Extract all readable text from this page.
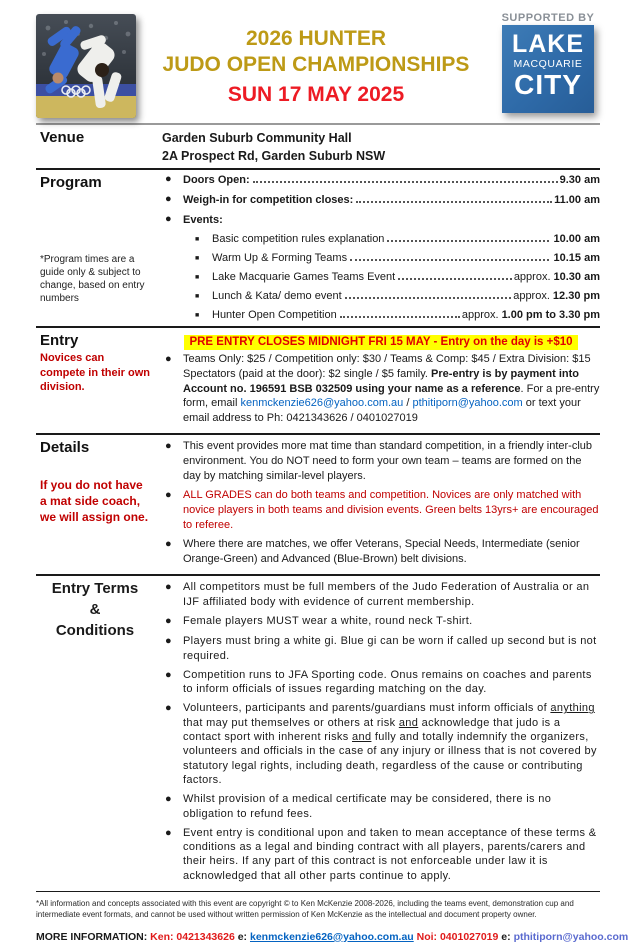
2026 HUNTER
JUDO OPEN CHAMPIONSHIPS
SUN 17 MAY 2025
SUPPORTED BY
LAKE
MACQUARIE
CITY
Venue	Garden Suburb Community Hall
2A Prospect Rd, Garden Suburb NSW
Program
*Program times are a guide only & subject to change, based on entry numbers
● Doors Open:	9.30 am
● Weigh-in for competition closes:	11.00 am
● Events:
■ Basic competition rules explanation	10.00 am
■ Warm Up & Forming Teams	10.15 am
■ Lake Macquarie Games Teams Event	approx. 10.30 am
■ Lunch & Kata/ demo event	approx. 12.30 pm
■ Hunter Open Competition	approx. 1.00 pm to 3.30 pm
Entry
Novices can compete in their own division.
PRE ENTRY CLOSES MIDNIGHT FRI 15 MAY - Entry on the day is +$10
● Teams Only: $25 / Competition only: $30 / Teams & Comp: $45 / Extra Division: $15 Spectators (paid at the door): $2 single / $5 family. Pre-entry is by payment into Account no. 196591 BSB 032509 using your name as a reference. For a pre-entry form, email kenmckenzie626@yahoo.com.au / pthitiporn@yahoo.com or text your email address to Ph: 0421343626 / 0401027019
Details
If you do not have a mat side coach, we will assign one.
● This event provides more mat time than standard competition, in a friendly inter-club environment. You do NOT need to form your own team – teams are formed on the day by matching similar-level players.
● ALL GRADES can do both teams and competition. Novices are only matched with novice players in both teams and division events. Green belts 13yrs+ are encouraged to referee.
● Where there are matches, we offer Veterans, Special Needs, Intermediate (senior Orange-Green) and Advanced (Blue-Brown) belt divisions.
Entry Terms
&
Conditions
● All competitors must be full members of the Judo Federation of Australia or an IJF affiliated body with evidence of current membership.
● Female players MUST wear a white, round neck T-shirt.
● Players must bring a white gi. Blue gi can be worn if called up second but is not required.
● Competition runs to JFA Sporting code. Onus remains on coaches and parents to inform officials of issues regarding matching on the day.
● Volunteers, participants and parents/guardians must inform officials of anything that may put themselves or others at risk and acknowledge that judo is a contact sport with inherent risks and fully and totally indemnify the organizers, volunteers and officials in the case of any injury or illness that is not covered by statutory legal rights, including death, regardless of the cause or contributing factors.
● Whilst provision of a medical certificate may be considered, there is no obligation to refund fees.
● Event entry is conditional upon and taken to mean acceptance of these terms & conditions as a legal and binding contract with all players, parents/carers and their heirs. If any part of this contract is not enforceable under law it is acknowledged that all other parts continue to apply.

*All information and concepts associated with this event are copyright © to Ken McKenzie 2008-2026, including the teams event, demonstration cup and intermediate event formats, and cannot be used without written permission of Ken McKenzie as the intellectual and document property owner.

MORE INFORMATION: Ken: 0421343626 e: kenmckenzie626@yahoo.com.au Noi: 0401027019 e: pthitiporn@yahoo.com
